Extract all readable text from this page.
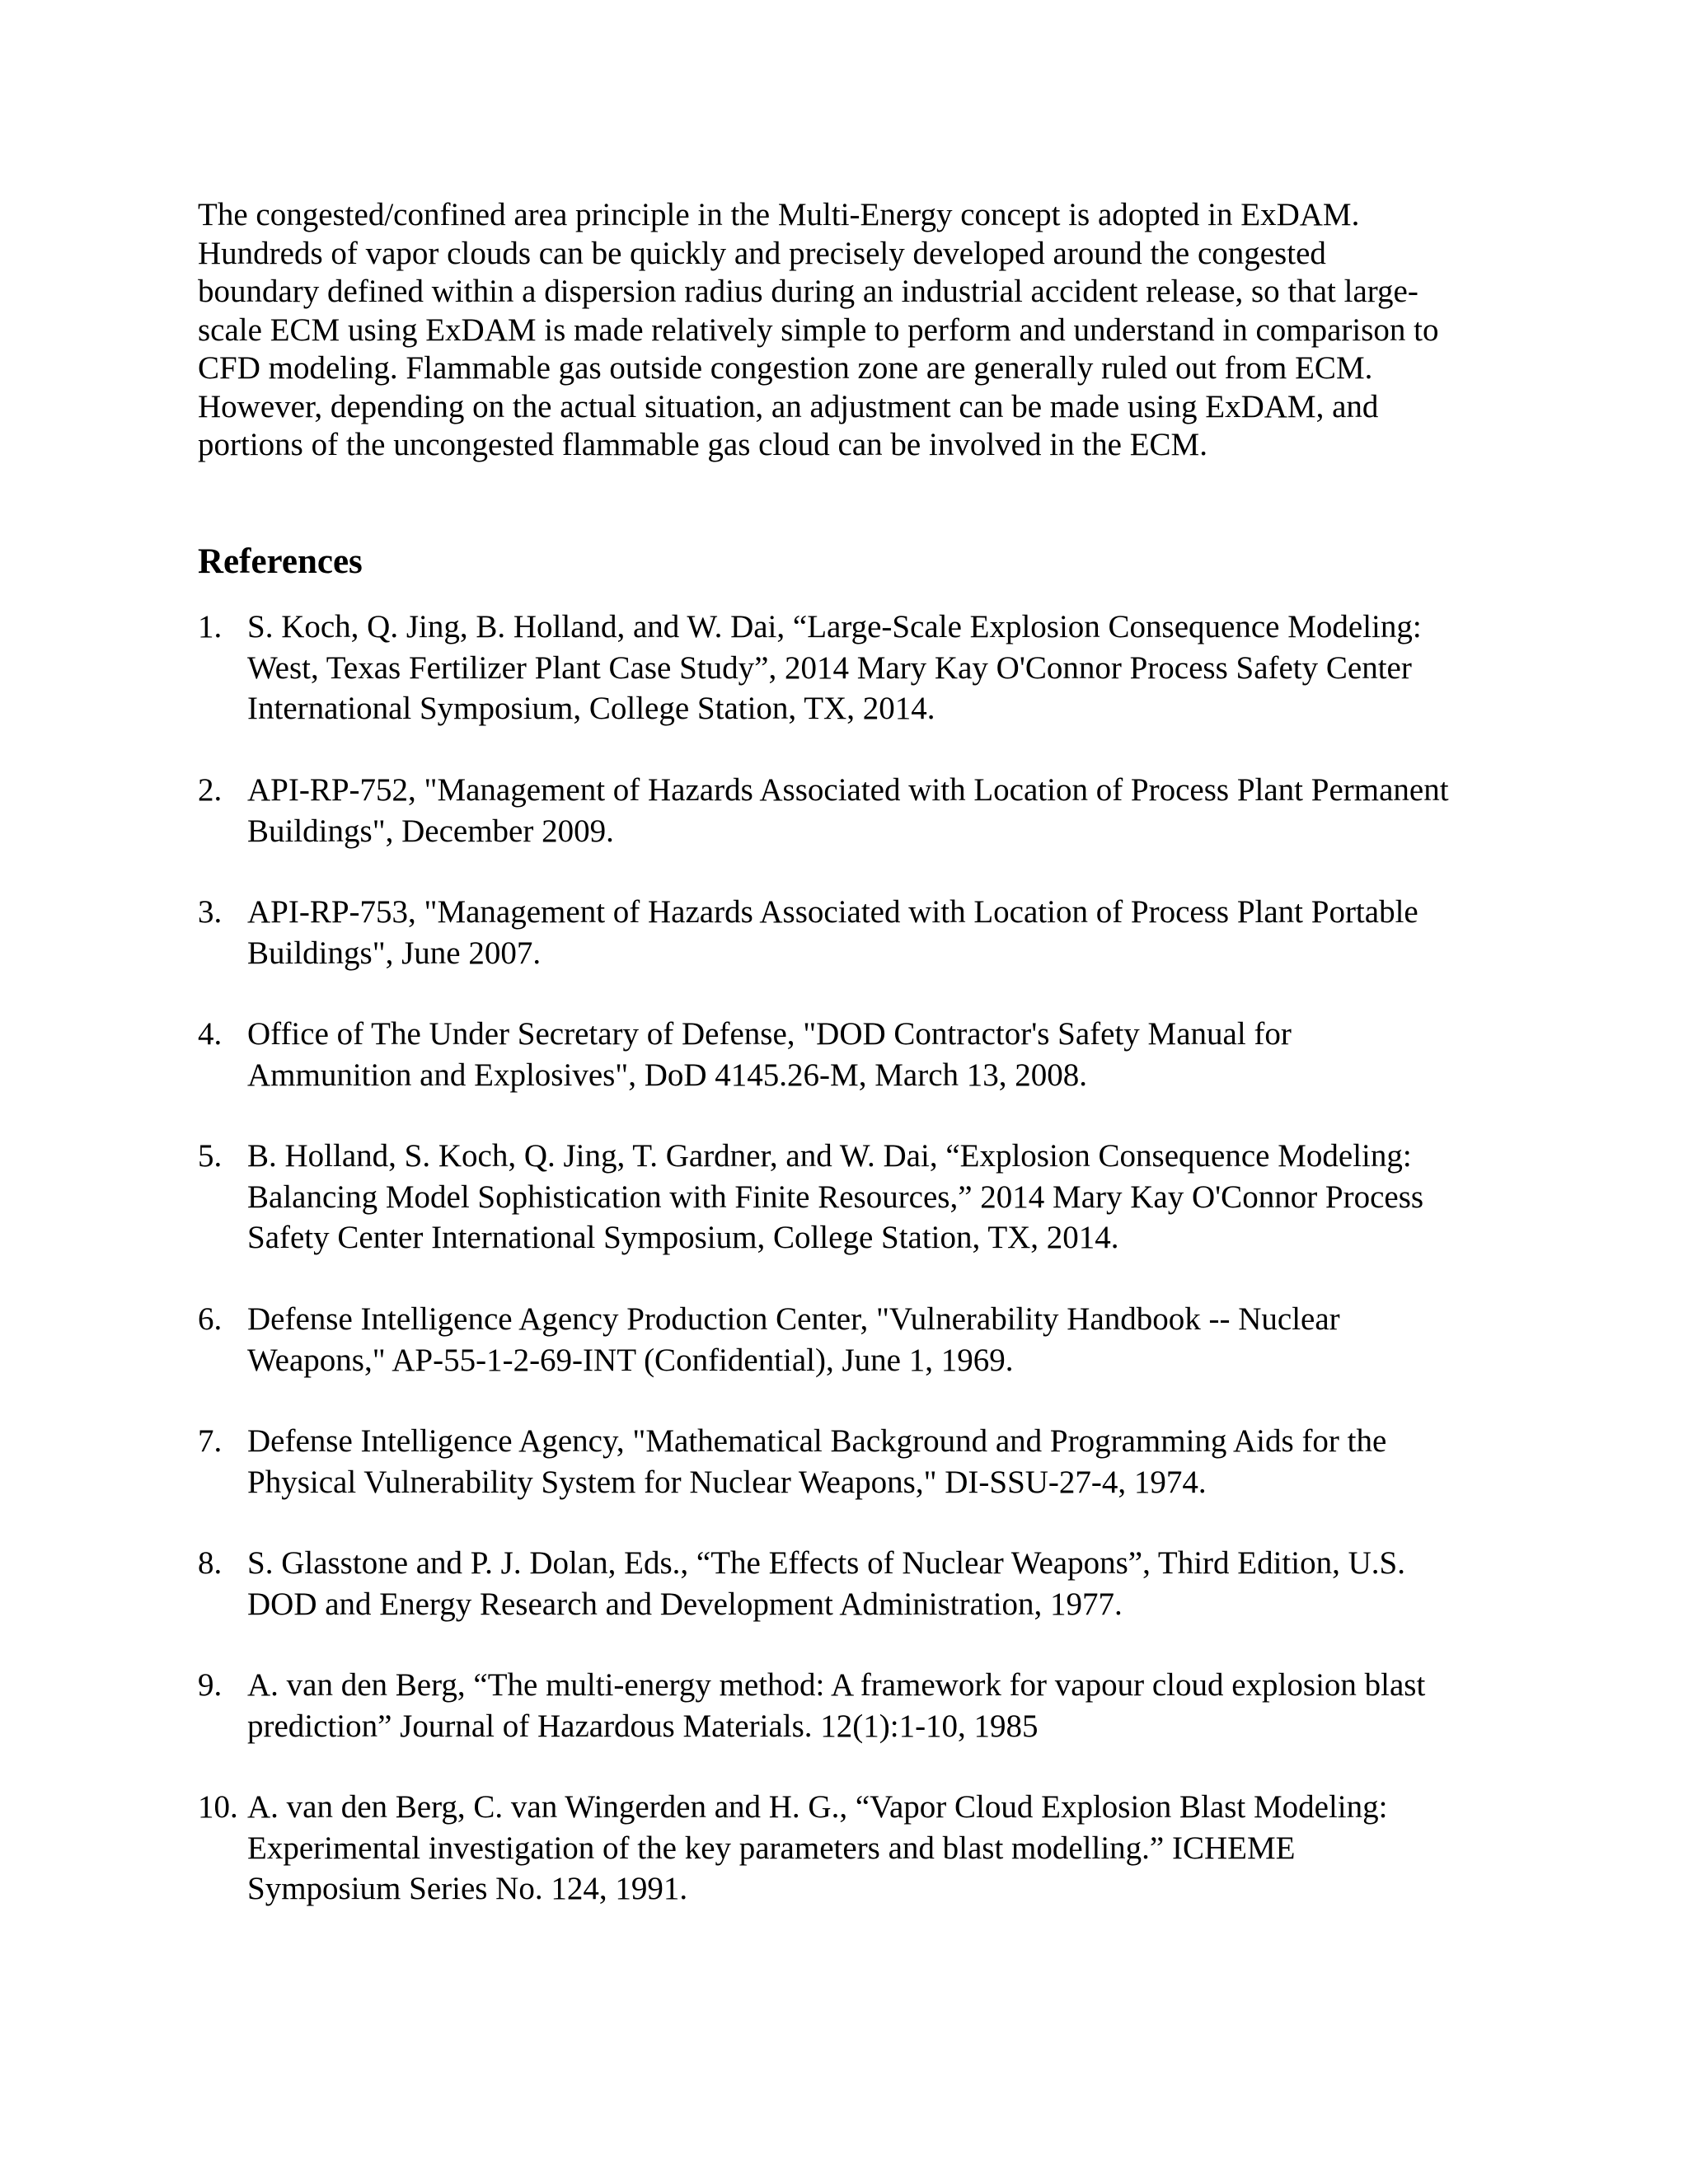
The congested/confined area principle in the Multi-Energy concept is adopted in ExDAM.
Hundreds of vapor clouds can be quickly and precisely developed around the congested
boundary defined within a dispersion radius during an industrial accident release, so that large-
scale ECM using ExDAM is made relatively simple to perform and understand in comparison to
CFD modeling. Flammable gas outside congestion zone are generally ruled out from ECM.
However, depending on the actual situation, an adjustment can be made using ExDAM, and
portions of the uncongested flammable gas cloud can be involved in the ECM.

References
1. S. Koch, Q. Jing, B. Holland, and W. Dai, “Large-Scale Explosion Consequence Modeling:
West, Texas Fertilizer Plant Case Study”, 2014 Mary Kay O'Connor Process Safety Center
International Symposium, College Station, TX, 2014.
2. API-RP-752, "Management of Hazards Associated with Location of Process Plant Permanent
Buildings", December 2009.
3. API-RP-753, "Management of Hazards Associated with Location of Process Plant Portable
Buildings", June 2007.
4. Office of The Under Secretary of Defense, "DOD Contractor's Safety Manual for
Ammunition and Explosives", DoD 4145.26-M, March 13, 2008.
5. B. Holland, S. Koch, Q. Jing, T. Gardner, and W. Dai, “Explosion Consequence Modeling:
Balancing Model Sophistication with Finite Resources,” 2014 Mary Kay O'Connor Process
Safety Center International Symposium, College Station, TX, 2014.
6. Defense Intelligence Agency Production Center, "Vulnerability Handbook -- Nuclear
Weapons," AP-55-1-2-69-INT (Confidential), June 1, 1969.
7. Defense Intelligence Agency, "Mathematical Background and Programming Aids for the
Physical Vulnerability System for Nuclear Weapons," DI-SSU-27-4, 1974.
8. S. Glasstone and P. J. Dolan, Eds., “The Effects of Nuclear Weapons”, Third Edition, U.S.
DOD and Energy Research and Development Administration, 1977.
9. A. van den Berg, “The multi-energy method: A framework for vapour cloud explosion blast
prediction” Journal of Hazardous Materials. 12(1):1-10, 1985
10. A. van den Berg, C. van Wingerden and H. G., “Vapor Cloud Explosion Blast Modeling:
Experimental investigation of the key parameters and blast modelling.” ICHEME
Symposium Series No. 124, 1991.
